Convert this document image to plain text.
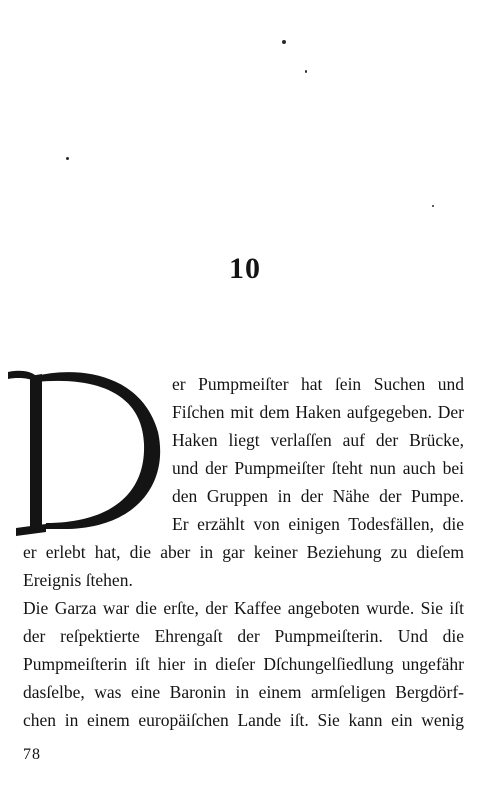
10
er Pumpmeiſter hat ſein Suchen und
Fiſchen mit dem Haken aufgegeben. Der
Haken liegt verlaſſen auf der Brücke,
und der Pumpmeiſter ſteht nun auch bei
den Gruppen in der Nähe der Pumpe.
Er erzählt von einigen Todesfällen, die
er erlebt hat, die aber in gar keiner Beziehung zu dieſem
Ereignis ſtehen.
Die Garza war die erſte, der Kaffee angeboten wurde. Sie iſt
der reſpektierte Ehrengaſt der Pumpmeiſterin. Und die
Pumpmeiſterin iſt hier in dieſer Dſchungelſiedlung ungefähr
dasſelbe, was eine Baronin in einem armſeligen Bergdörf-
chen in einem europäiſchen Lande iſt. Sie kann ein wenig
78
